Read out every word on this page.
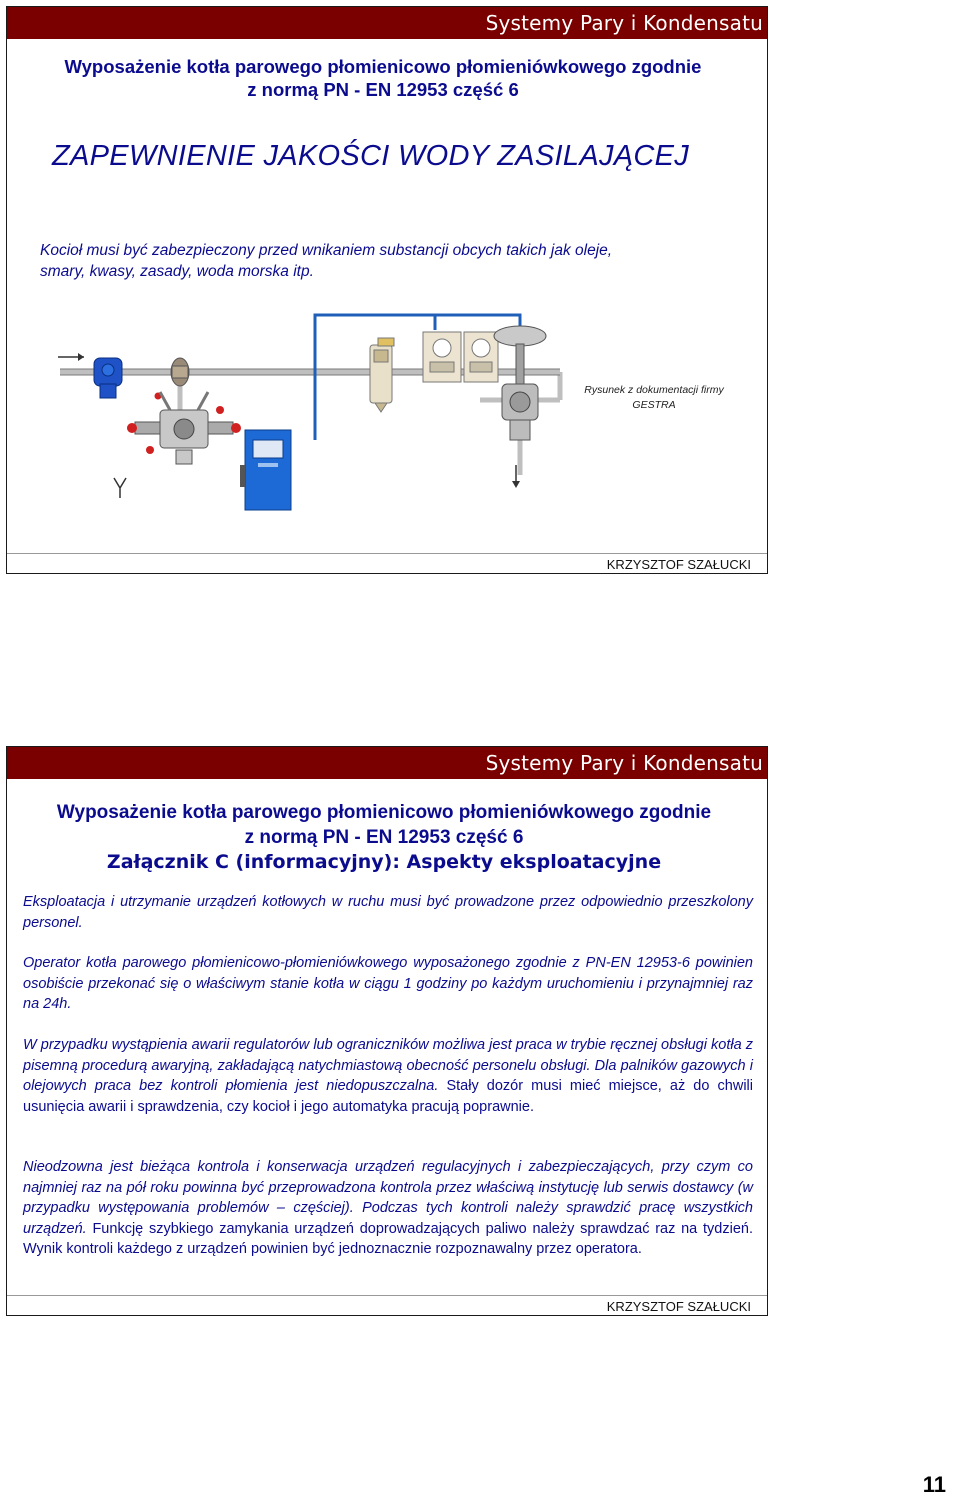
Systemy Pary i Kondensatu
KRZYSZTOF SZAŁUCKI
Wyposażenie kotła parowego płomienicowo płomieniówkowego zgodnie
z normą PN - EN 12953 część 6
ZAPEWNIENIE JAKOŚCI WODY ZASILAJĄCEJ
Kocioł musi być zabezpieczony przed wnikaniem substancji obcych takich jak oleje,
smary, kwasy, zasady, woda morska itp.
Rysunek z dokumentacji firmy
GESTRA
Systemy Pary i Kondensatu
KRZYSZTOF SZAŁUCKI
Wyposażenie kotła parowego płomienicowo płomieniówkowego zgodnie
z normą PN - EN 12953 część 6
Załącznik C (informacyjny): Aspekty eksploatacyjne
Eksploatacja i utrzymanie urządzeń kotłowych w ruchu musi być prowadzone przez odpowiednio przeszkolony personel.
Operator kotła parowego płomienicowo-płomieniówkowego wyposażonego zgodnie z PN-EN 12953-6 powinien osobiście przekonać się o właściwym stanie kotła w ciągu 1 godziny po każdym uruchomieniu i przynajmniej raz na 24h.
W przypadku wystąpienia awarii regulatorów lub ograniczników możliwa jest praca w trybie ręcznej obsługi kotła z pisemną procedurą awaryjną, zakładającą natychmiastową obecność personelu obsługi. Dla palników gazowych i olejowych praca bez kontroli płomienia jest niedopuszczalna. Stały dozór musi mieć miejsce, aż do chwili usunięcia awarii i sprawdzenia, czy kocioł i jego automatyka pracują poprawnie.
Nieodzowna jest bieżąca kontrola i konserwacja urządzeń regulacyjnych i zabezpieczających, przy czym co najmniej raz na pół roku powinna być przeprowadzona kontrola przez właściwą instytucję lub serwis dostawcy (w przypadku występowania problemów – częściej). Podczas tych kontroli należy sprawdzić pracę wszystkich urządzeń. Funkcję szybkiego zamykania urządzeń doprowadzających paliwo należy sprawdzać raz na tydzień. Wynik kontroli każdego z urządzeń powinien być jednoznacznie rozpoznawalny przez operatora.
11
